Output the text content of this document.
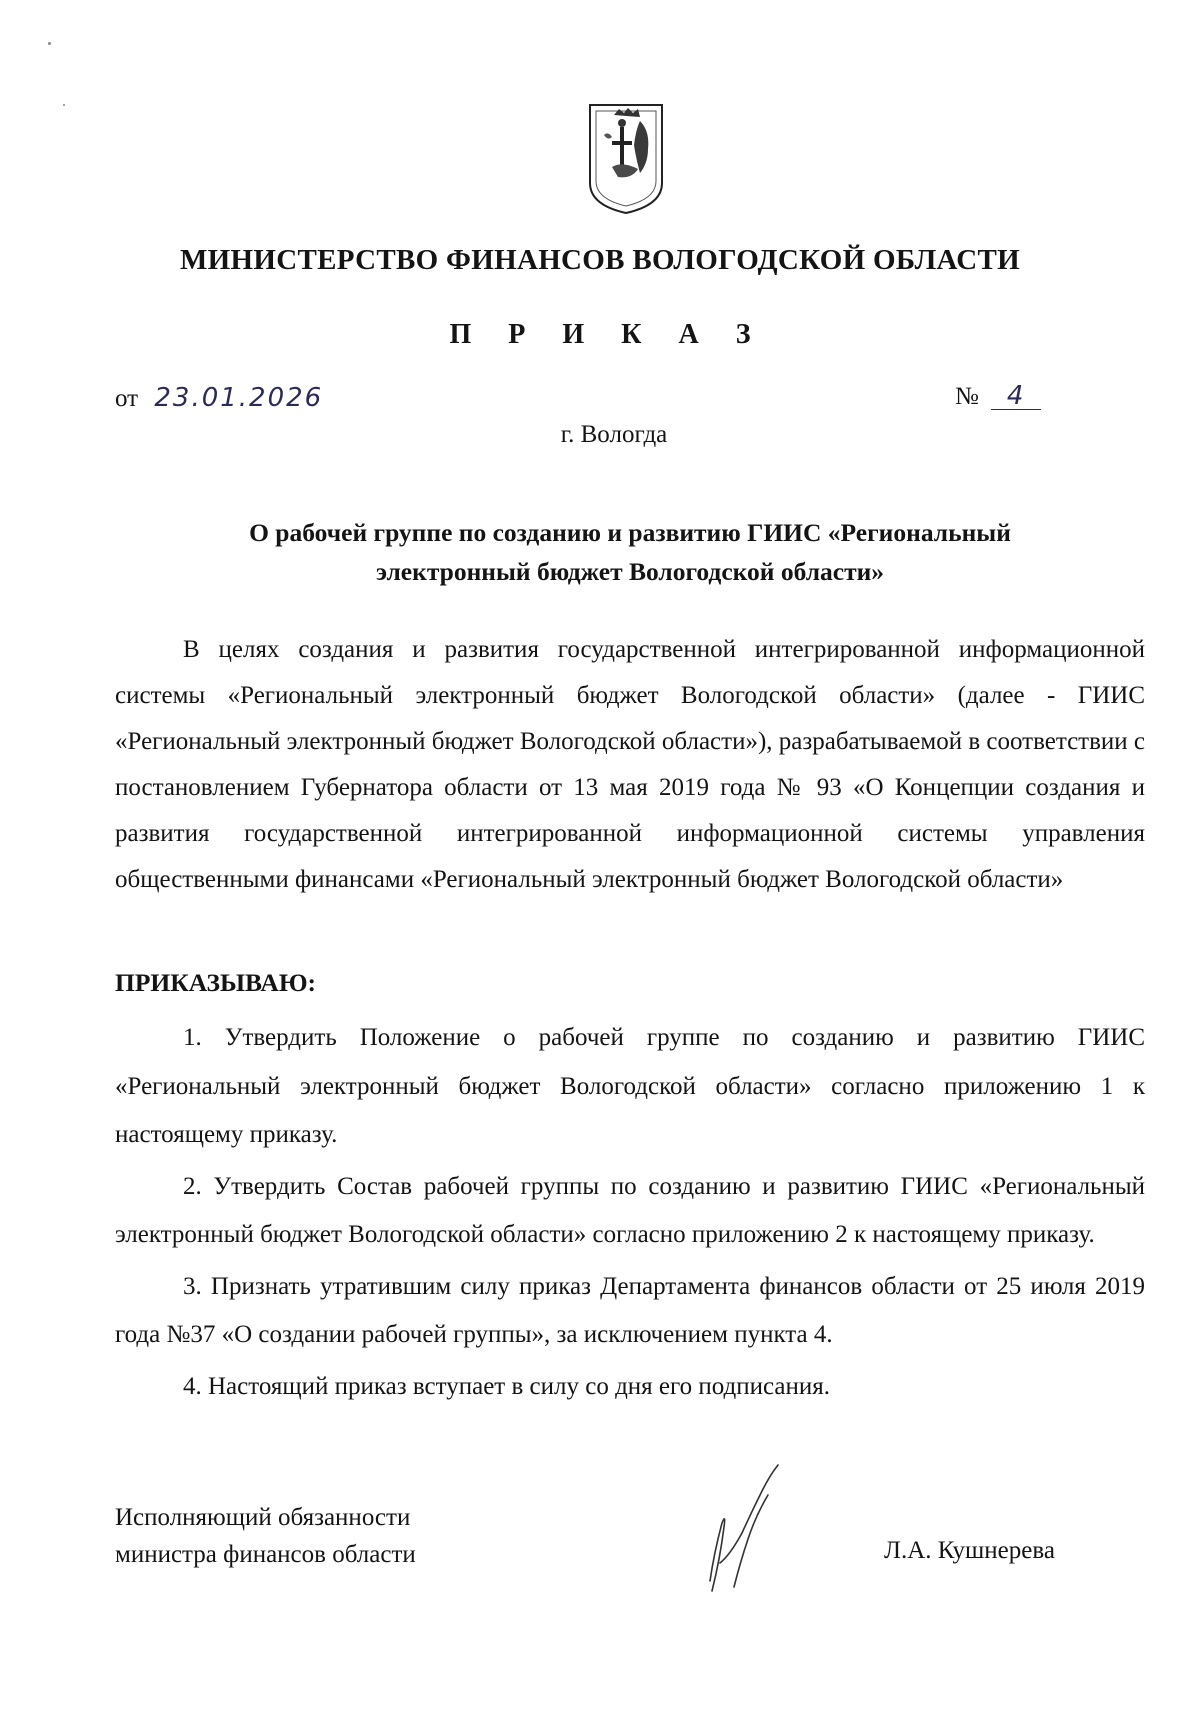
МИНИСТЕРСТВО ФИНАНСОВ ВОЛОГОДСКОЙ ОБЛАСТИ
П Р И К А З
от 23.01.2026	№ 4
г. Вологда
О рабочей группе по созданию и развитию ГИИС «Региональный
электронный бюджет Вологодской области»

В целях создания и развития государственной интегрированной информационной системы «Региональный электронный бюджет Вологодской области» (далее - ГИИС «Региональный электронный бюджет Вологодской области»), разрабатываемой в соответствии с постановлением Губернатора области от 13 мая 2019 года № 93 «О Концепции создания и развития государственной интегрированной информационной системы управления общественными финансами «Региональный электронный бюджет Вологодской области»

ПРИКАЗЫВАЮ:

1. Утвердить Положение о рабочей группе по созданию и развитию ГИИС «Региональный электронный бюджет Вологодской области» согласно приложению 1 к настоящему приказу.

2. Утвердить Состав рабочей группы по созданию и развитию ГИИС «Региональный электронный бюджет Вологодской области» согласно приложению 2 к настоящему приказу.

3. Признать утратившим силу приказ Департамента финансов области от 25 июля 2019 года №37 «О создании рабочей группы», за исключением пункта 4.

4. Настоящий приказ вступает в силу со дня его подписания.

Исполняющий обязанности
министра финансов области	Л.А. Кушнерева
